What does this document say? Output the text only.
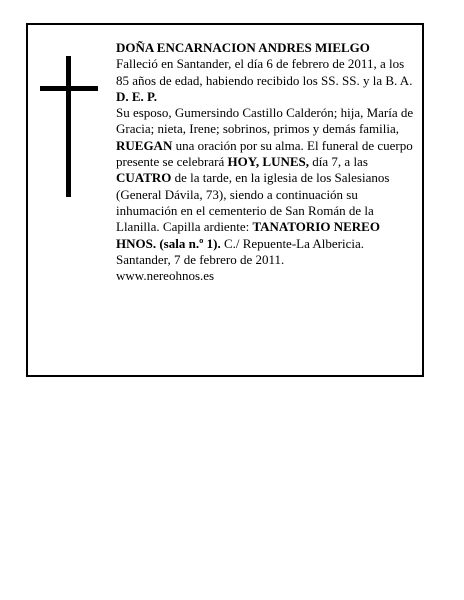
DOÑA ENCARNACION ANDRES MIELGO

Falleció en Santander, el día 6 de febrero de 2011, a los 85 años de edad, habiendo recibido los SS. SS. y la B. A.

D. E. P.

Su esposo, Gumersindo Castillo Calderón; hija, María de Gracia; nieta, Irene; sobrinos, primos y demás familia,

RUEGAN una oración por su alma. El funeral de cuerpo presente se celebrará HOY, LUNES, día 7, a las CUATRO de la tarde, en la iglesia de los Salesianos (General Dávila, 73), siendo a continuación su inhumación en el cementerio de San Román de la Llanilla. Capilla ardiente: TANATORIO NEREO HNOS. (sala n.º 1). C./ Repuente-La Albericia.

Santander, 7 de febrero de 2011.

www.nereohnos.es
